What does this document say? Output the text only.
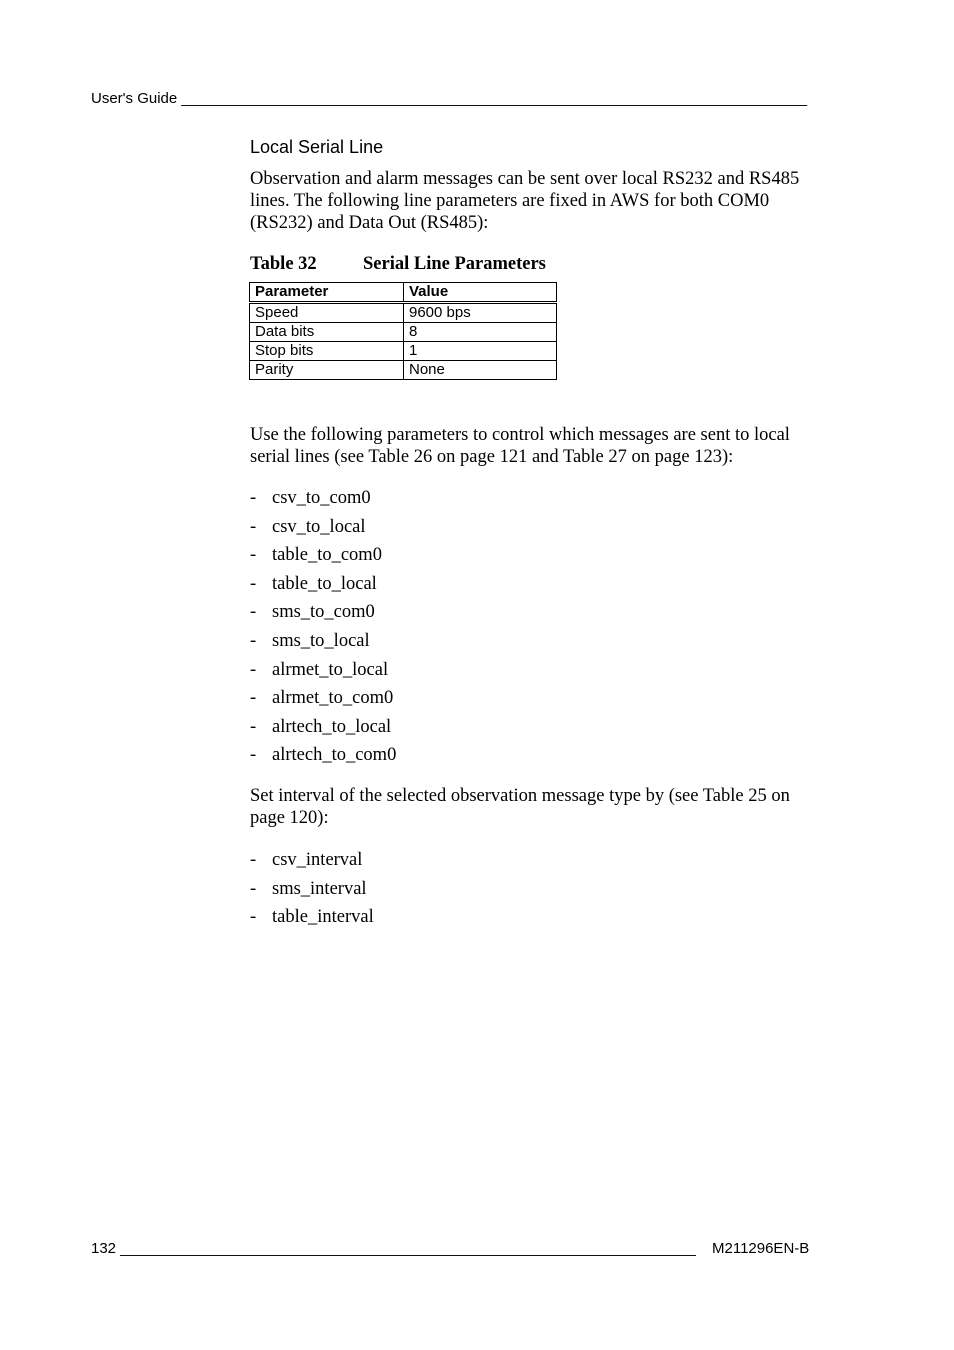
User's Guide ___________________________________________________________________________
Local Serial Line
Observation and alarm messages can be sent over local RS232 and RS485 lines. The following line parameters are fixed in AWS for both COM0 (RS232) and Data Out (RS485):
Table 32	Serial Line Parameters
Parameter	Value
Speed	9600 bps
Data bits	8
Stop bits	1
Parity	None
Use the following parameters to control which messages are sent to local serial lines (see Table 26 on page 121 and Table 27 on page 123):
- csv_to_com0
- csv_to_local
- table_to_com0
- table_to_local
- sms_to_com0
- sms_to_local
- alrmet_to_local
- alrmet_to_com0
- alrtech_to_local
- alrtech_to_com0
Set interval of the selected observation message type by (see Table 25 on page 120):
- csv_interval
- sms_interval
- table_interval
132 _____________________________________________________________________ M211296EN-B
